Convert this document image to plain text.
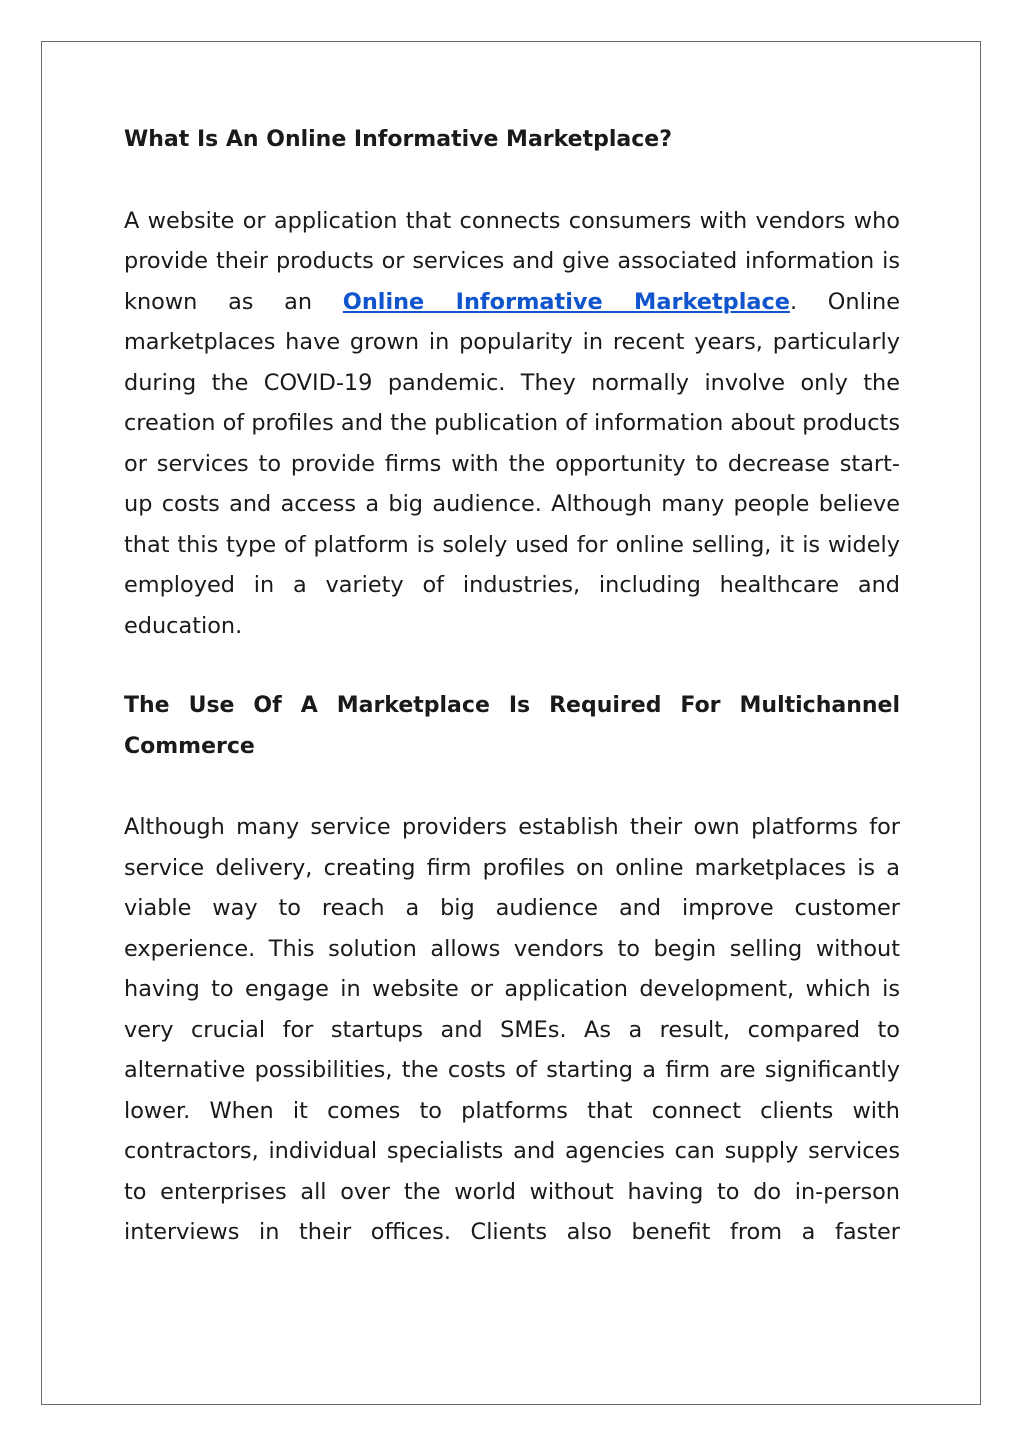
What Is An Online Informative Marketplace?

A website or application that connects consumers with vendors who provide their products or services and give associated information is known as an Online Informative Marketplace. Online marketplaces have grown in popularity in recent years, particularly during the COVID-19 pandemic. They normally involve only the creation of profiles and the publication of information about products or services to provide firms with the opportunity to decrease start-up costs and access a big audience. Although many people believe that this type of platform is solely used for online selling, it is widely employed in a variety of industries, including healthcare and education.

The Use Of A Marketplace Is Required For Multichannel Commerce

Although many service providers establish their own platforms for service delivery, creating firm profiles on online marketplaces is a viable way to reach a big audience and improve customer experience. This solution allows vendors to begin selling without having to engage in website or application development, which is very crucial for startups and SMEs. As a result, compared to alternative possibilities, the costs of starting a firm are significantly lower. When it comes to platforms that connect clients with contractors, individual specialists and agencies can supply services to enterprises all over the world without having to do in-person interviews in their offices. Clients also benefit from a faster
